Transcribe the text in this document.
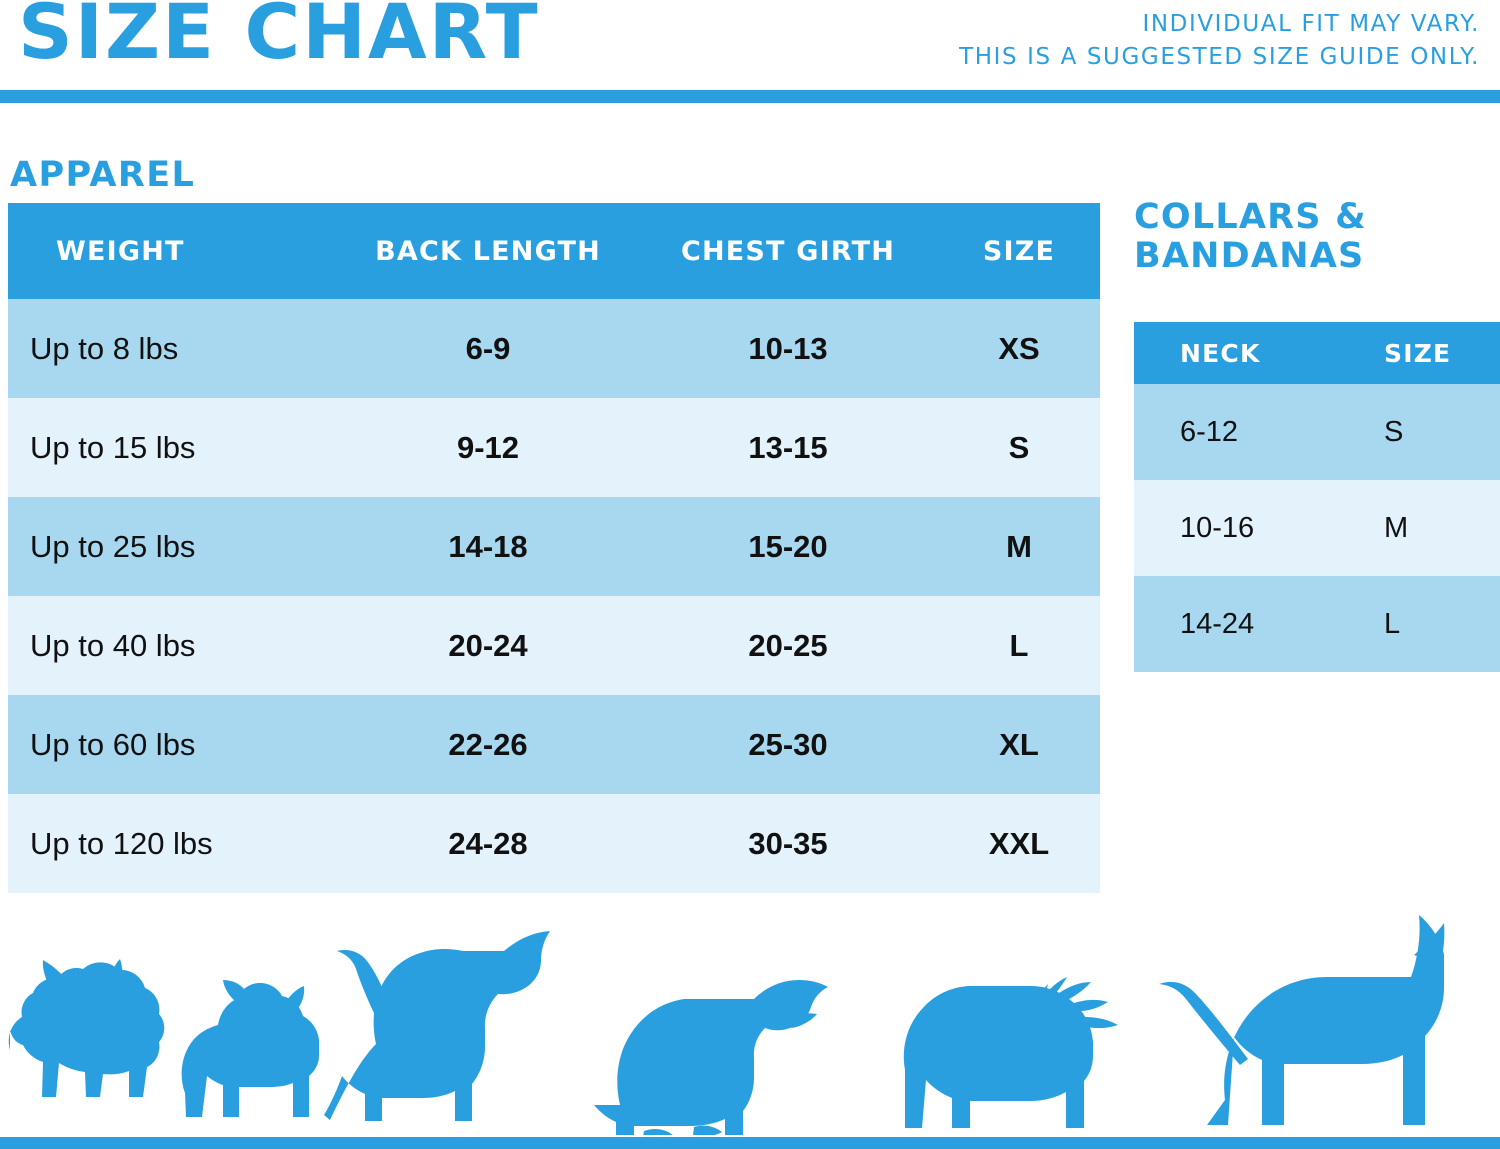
SIZE CHART	INDIVIDUAL FIT MAY VARY.
THIS IS A SUGGESTED SIZE GUIDE ONLY.
APPAREL
WEIGHT	BACK LENGTH	CHEST GIRTH	SIZE
Up to 8 lbs	6-9	10-13	XS
Up to 15 lbs	9-12	13-15	S
Up to 25 lbs	14-18	15-20	M
Up to 40 lbs	20-24	20-25	L
Up to 60 lbs	22-26	25-30	XL
Up to 120 lbs	24-28	30-35	XXL
COLLARS & BANDANAS
NECK	SIZE
6-12	S
10-16	M
14-24	L
